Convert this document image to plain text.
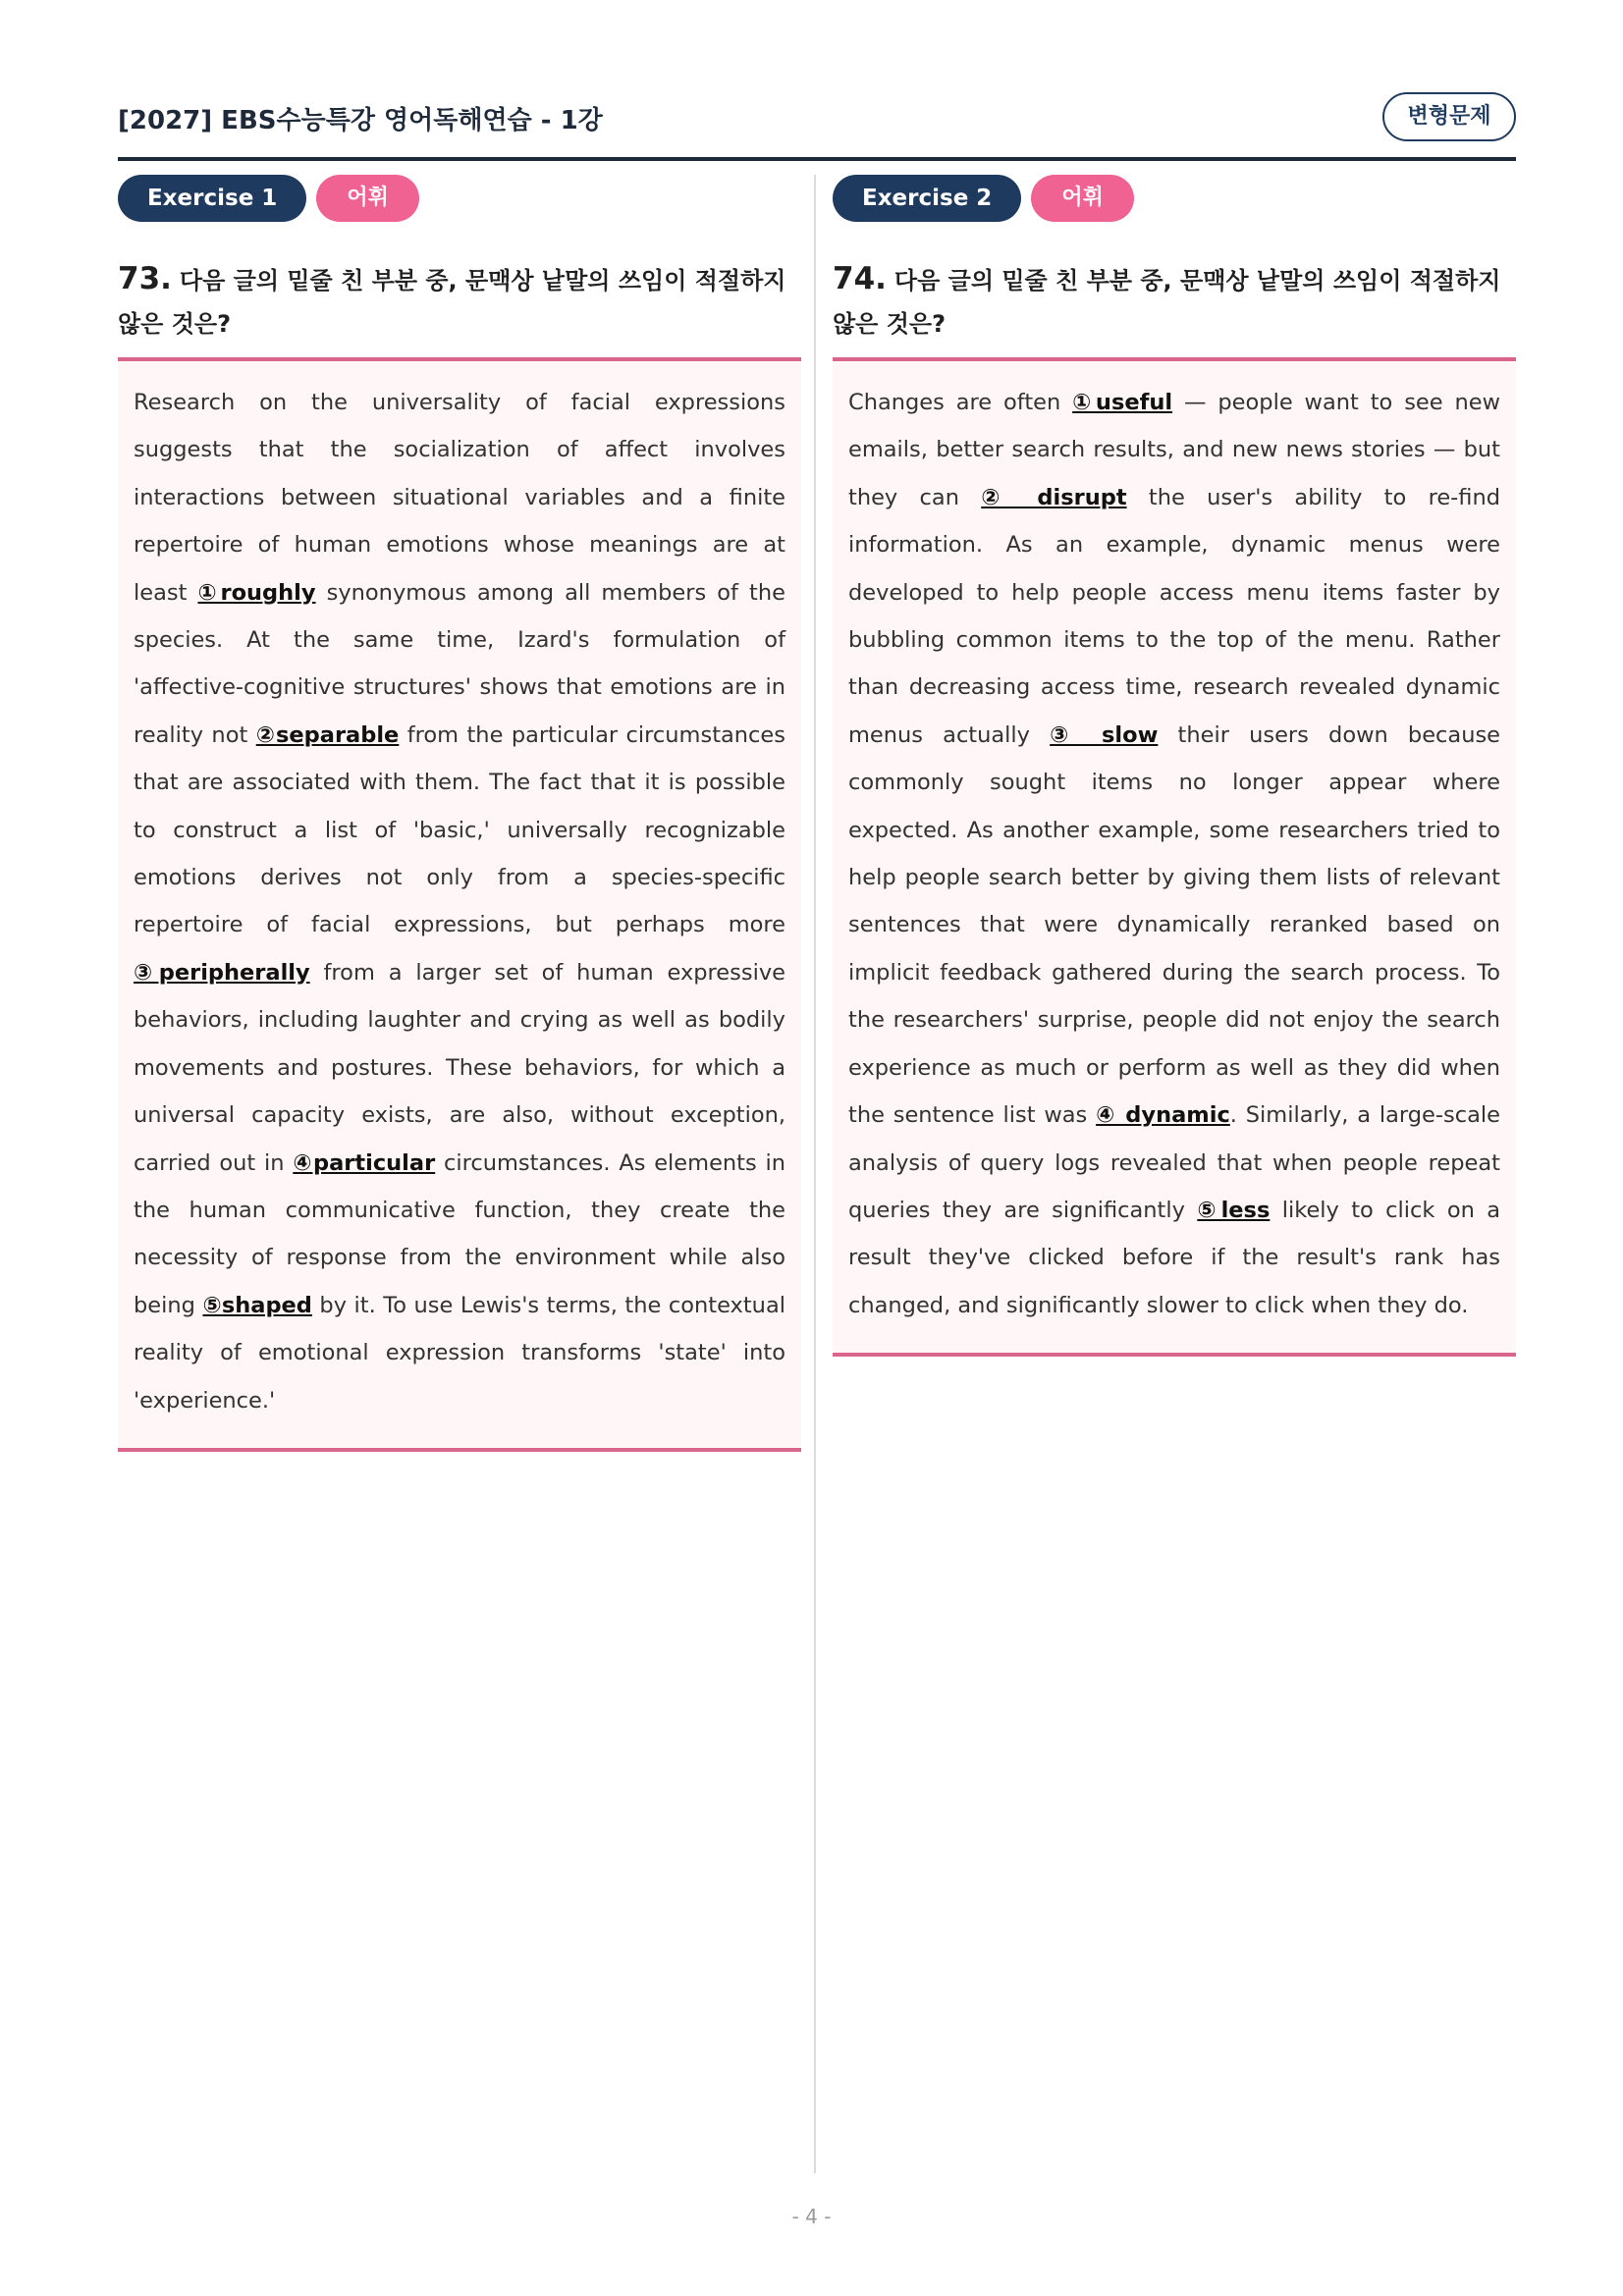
[2027] EBS수능특강 영어독해연습 - 1강	변형문제
Exercise 1	어휘
73. 다음 글의 밑줄 친 부분 중, 문맥상 낱말의 쓰임이 적절하지 않은 것은?
Research on the universality of facial expressions suggests that the socialization of affect involves interactions between situational variables and a finite repertoire of human emotions whose meanings are at least ①roughly synonymous among all members of the species. At the same time, Izard's formulation of 'affective-cognitive structures' shows that emotions are in reality not ②separable from the particular circumstances that are associated with them. The fact that it is possible to construct a list of 'basic,' universally recognizable emotions derives not only from a species-specific repertoire of facial expressions, but perhaps more ③peripherally from a larger set of human expressive behaviors, including laughter and crying as well as bodily movements and postures. These behaviors, for which a universal capacity exists, are also, without exception, carried out in ④particular circumstances. As elements in the human communicative function, they create the necessity of response from the environment while also being ⑤shaped by it. To use Lewis's terms, the contextual reality of emotional expression transforms 'state' into 'experience.'
Exercise 2	어휘
74. 다음 글의 밑줄 친 부분 중, 문맥상 낱말의 쓰임이 적절하지 않은 것은?
Changes are often ①useful — people want to see new emails, better search results, and new news stories — but they can ② disrupt the user's ability to re-find information. As an example, dynamic menus were developed to help people access menu items faster by bubbling common items to the top of the menu. Rather than decreasing access time, research revealed dynamic menus actually ③ slow their users down because commonly sought items no longer appear where expected. As another example, some researchers tried to help people search better by giving them lists of relevant sentences that were dynamically reranked based on implicit feedback gathered during the search process. To the researchers' surprise, people did not enjoy the search experience as much or perform as well as they did when the sentence list was ④ dynamic. Similarly, a large-scale analysis of query logs revealed that when people repeat queries they are significantly ⑤less likely to click on a result they've clicked before if the result's rank has changed, and significantly slower to click when they do.
- 4 -
